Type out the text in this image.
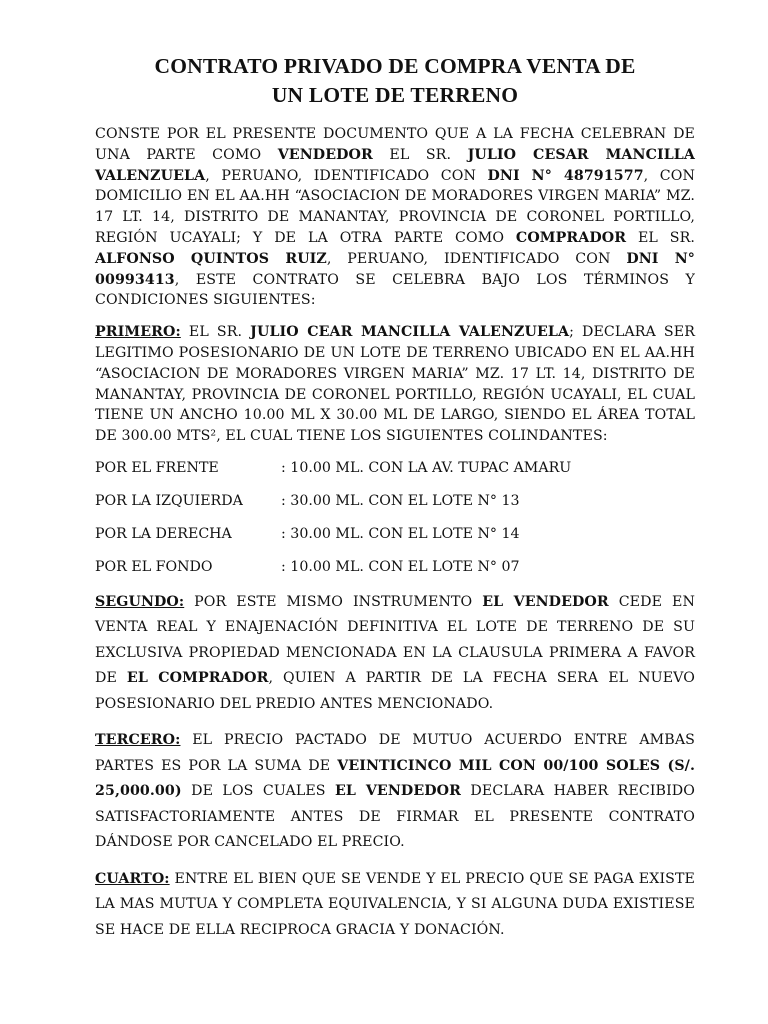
CONTRATO PRIVADO DE COMPRA VENTA DE
UN LOTE DE TERRENO

CONSTE POR EL PRESENTE DOCUMENTO QUE A LA FECHA CELEBRAN DE UNA PARTE COMO VENDEDOR EL SR. JULIO CESAR MANCILLA VALENZUELA, PERUANO, IDENTIFICADO CON DNI N° 48791577, CON DOMICILIO EN EL AA.HH “ASOCIACION DE MORADORES VIRGEN MARIA” MZ. 17 LT. 14, DISTRITO DE MANANTAY, PROVINCIA DE CORONEL PORTILLO, REGIÓN UCAYALI; Y DE LA OTRA PARTE COMO COMPRADOR EL SR. ALFONSO QUINTOS RUIZ, PERUANO, IDENTIFICADO CON DNI N° 00993413, ESTE CONTRATO SE CELEBRA BAJO LOS TÉRMINOS Y CONDICIONES SIGUIENTES:

PRIMERO: EL SR. JULIO CEAR MANCILLA VALENZUELA; DECLARA SER LEGITIMO POSESIONARIO DE UN LOTE DE TERRENO UBICADO EN EL AA.HH “ASOCIACION DE MORADORES VIRGEN MARIA” MZ. 17 LT. 14, DISTRITO DE MANANTAY, PROVINCIA DE CORONEL PORTILLO, REGIÓN UCAYALI, EL CUAL TIENE UN ANCHO 10.00 ML X 30.00 ML DE LARGO, SIENDO EL ÁREA TOTAL DE 300.00 MTS², EL CUAL TIENE LOS SIGUIENTES COLINDANTES:

POR EL FRENTE	: 10.00 ML. CON LA AV. TUPAC AMARU
POR LA IZQUIERDA	: 30.00 ML. CON EL LOTE N° 13
POR LA DERECHA	: 30.00 ML. CON EL LOTE N° 14
POR EL FONDO	: 10.00 ML. CON EL LOTE N° 07

SEGUNDO: POR ESTE MISMO INSTRUMENTO EL VENDEDOR CEDE EN VENTA REAL Y ENAJENACIÓN DEFINITIVA EL LOTE DE TERRENO DE SU EXCLUSIVA PROPIEDAD MENCIONADA EN LA CLAUSULA PRIMERA A FAVOR DE EL COMPRADOR, QUIEN A PARTIR DE LA FECHA SERA EL NUEVO POSESIONARIO DEL PREDIO ANTES MENCIONADO.

TERCERO: EL PRECIO PACTADO DE MUTUO ACUERDO ENTRE AMBAS PARTES ES POR LA SUMA DE VEINTICINCO MIL CON 00/100 SOLES (S/. 25,000.00) DE LOS CUALES EL VENDEDOR DECLARA HABER RECIBIDO SATISFACTORIAMENTE ANTES DE FIRMAR EL PRESENTE CONTRATO DÁNDOSE POR CANCELADO EL PRECIO.

CUARTO: ENTRE EL BIEN QUE SE VENDE Y EL PRECIO QUE SE PAGA EXISTE LA MAS MUTUA Y COMPLETA EQUIVALENCIA, Y SI ALGUNA DUDA EXISTIESE SE HACE DE ELLA RECIPROCA GRACIA Y DONACIÓN.
